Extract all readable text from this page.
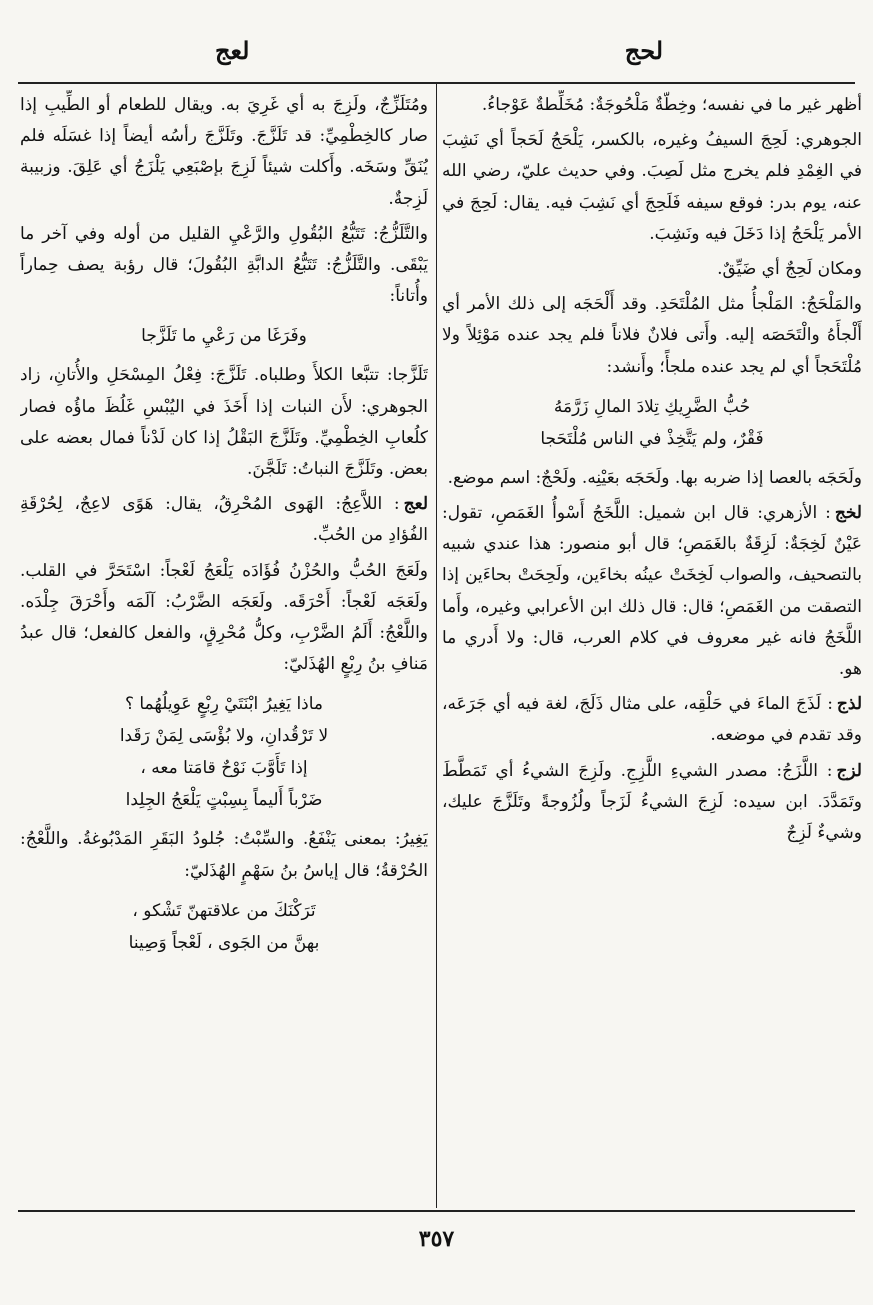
لحج
لعج

أظهر غير ما في نفسه؛ وخِطّةٌ مَلْحُوجَةٌ: مُخَلِّطةٌ عَوْجاءُ.

الجوهري: لَحِجَ السيفُ وغيره، بالكسر، يَلْحَجُ لَحَجاً أي نَشِبَ في الغِمْدِ فلم يخرج مثل لَصِبَ. وفي حديث عليّ، رضي الله عنه، يوم بدر: فوقع سيفه فَلَحِجَ أي نَشِبَ فيه. يقال: لَحِجَ في الأمر يَلْحَجُ إذا دَخَلَ فيه ونَشِبَ.

ومكان لَحِجٌ أي ضَيِّقٌ.

والمَلْحَجُ: المَلْجأُ مثل المُلْتَحَدِ. وقد أَلْحَجَه إلى ذلك الأمر أي أَلْجأَهُ والْتَحَصَه إليه. وأَتى فلانٌ فلاناً فلم يجد عنده مَوْئِلاً ولا مُلْتَحَجاً أي لم يجد عنده ملجأً؛ وأَنشد:

حُبُّ الضَّرِيكِ تِلادَ المالِ زَرَّمَهُ
فَقْرٌ، ولم يَتَّخِذْ في الناس مُلْتَحَجا

ولَحَجَه بالعصا إذا ضربه بها. ولَحَجَه بعَيْنِه. ولَحْجٌ: اسم موضع.

لخج: الأزهري: قال ابن شميل: اللَّخَجُ أَسْوأُ الغَمَصِ، تقول: عَيْنٌ لَخِجَةٌ: لَزِقَةٌ بالغَمَصِ؛ قال أبو منصور: هذا عندي شبيه بالتصحيف، والصواب لَخِخَتْ عينُه بخاءَين، ولَحِحَتْ بحاءَين إذا التصقت من الغَمَصِ؛ قال: قال ذلك ابن الأعرابي وغيره، وأَما اللَّخَجُ فانه غير معروف في كلام العرب، قال: ولا أَدري ما هو.

لذج: لَذَجَ الماءَ في حَلْقِه، على مثال ذَلَجَ، لغة فيه أي جَرَعَه، وقد تقدم في موضعه.

لزج: اللَّزَجُ: مصدر الشيءِ اللَّزِجِ. ولَزِجَ الشيءُ أي تَمَطَّطَ وتَمَدَّدَ. ابن سيده: لَزِجَ الشيءُ لَزَجاً ولُزُوجةً وتَلَزَّجَ عليك، وشيءٌ لَزِجٌ

ومُتَلَزِّجٌ، ولَزِجَ به أي غَرِيَ به. ويقال للطعام أو الطِّيبِ إذا صار كالخِطْمِيِّ: قد تَلَزَّجَ. وتَلَزَّجَ رأسُه أيضاً إذا غسَلَه فلم يُنَقِّ وسَخَه. وأَكلت شيئاً لَزِجَ بإصْبَعِي يَلْزَجُ أي عَلِقَ. وزبيبة لَزِجةٌ.

والتَّلَزُّجُ: تَتَبُّعُ البُقُولِ والرَّعْيِ القليل من أوله وفي آخر ما يَبْقَى. والتَّلَزُّجُ: تَتَبُّعُ الدابَّةِ البُقُولَ؛ قال رؤبة يصف حِماراً وأُتاناً:

وفَرَغَا من رَعْيِ ما تَلَزَّجا

تَلَزَّجا: تتبَّعا الكلأَ وطلباه. تَلَزَّجَ: فِعْلُ المِسْحَلِ والأُتانِ، زاد الجوهري: لأَن النبات إذا أَخَذَ في اليُبْسِ غَلُظَ ماؤُه فصار كلُعابِ الخِطْمِيِّ. وتَلَزَّجَ البَقْلُ إذا كان لَدْناً فمال بعضه على بعض. وتَلَزَّجَ النباتُ: تَلَجَّنَ.

لعج: اللاَّعِجُ: الهَوى المُحْرِقُ، يقال: هَوًى لاعِجٌ، لِحُرْقَةِ الفُؤادِ من الحُبِّ.

ولَعَجَ الحُبُّ والحُزْنُ فُؤَادَه يَلْعَجُ لَعْجاً: اسْتَحَرَّ في القلب. ولَعَجَه لَعْجاً: أَحْرَقَه. ولَعَجَه الضَّرْبُ: آلَمَه وأَحْرَقَ جِلْدَه. واللَّعْجُ: أَلَمُ الضَّرْبِ، وكلُّ مُحْرِقٍ، والفعل كالفعل؛ قال عبدُ مَنافِ بنُ رِبْعٍ الهُذَليّ:

ماذا يَغِيرُ ابْنَتَيْ رِبْعٍ عَوِيلُهُما ؟
لا تَرْقُدانِ، ولا بُؤْسَى لِمَنْ رَقَدا
إذا تَأَوَّبَ نَوْحٌ قامَتا معه ،
ضَرْباً أَليماً بِسِبْتٍ يَلْعَجُ الجِلِدا

يَغِيرُ: بمعنى يَنْفَعُ. والسِّبْتُ: جُلودُ البَقَرِ المَدْبُوغةُ. واللَّعْجُ: الحُرْقةُ؛ قال إياسُ بنُ سَهْمٍ الهُذَليّ:

تَرَكْنَكَ من علاقتهنّ تَشْكو ،
بهنَّ من الجَوى ، لَعْجاً وَصِينا
٣٥٧
